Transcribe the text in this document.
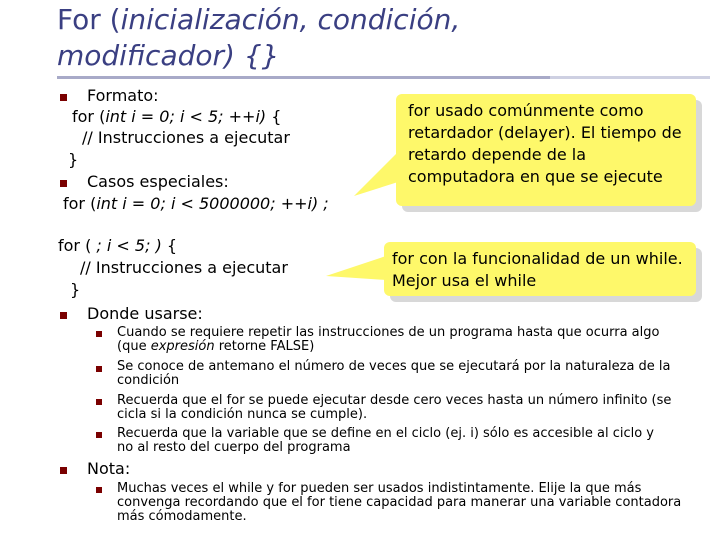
For (inicialización, condición,
modificador) {}
Formato:
for (int i = 0; i < 5; ++i) {
// Instrucciones a ejecutar
}
Casos especiales:
for (int i = 0; i < 5000000; ++i) ;
for ( ; i < 5; ) {
// Instrucciones a ejecutar
}
Donde usarse:
Cuando se requiere repetir las instrucciones de un programa hasta que ocurra algo (que expresión retorne FALSE)
Se conoce de antemano el número de veces que se ejecutará por la naturaleza de la condición
Recuerda que el for se puede ejecutar desde cero veces hasta un número infinito (se cicla si la condición nunca se cumple).
Recuerda que la variable que se define en el ciclo (ej. i) sólo es accesible al ciclo y no al resto del cuerpo del programa
Nota:
Muchas veces el while y for pueden ser usados indistintamente. Elije la que más convenga recordando que el for tiene capacidad para manerar una variable contadora más cómodamente.
for usado comúnmente como retardador (delayer). El tiempo de retardo depende de la computadora en que se ejecute
for con la funcionalidad de un while. Mejor usa el while
